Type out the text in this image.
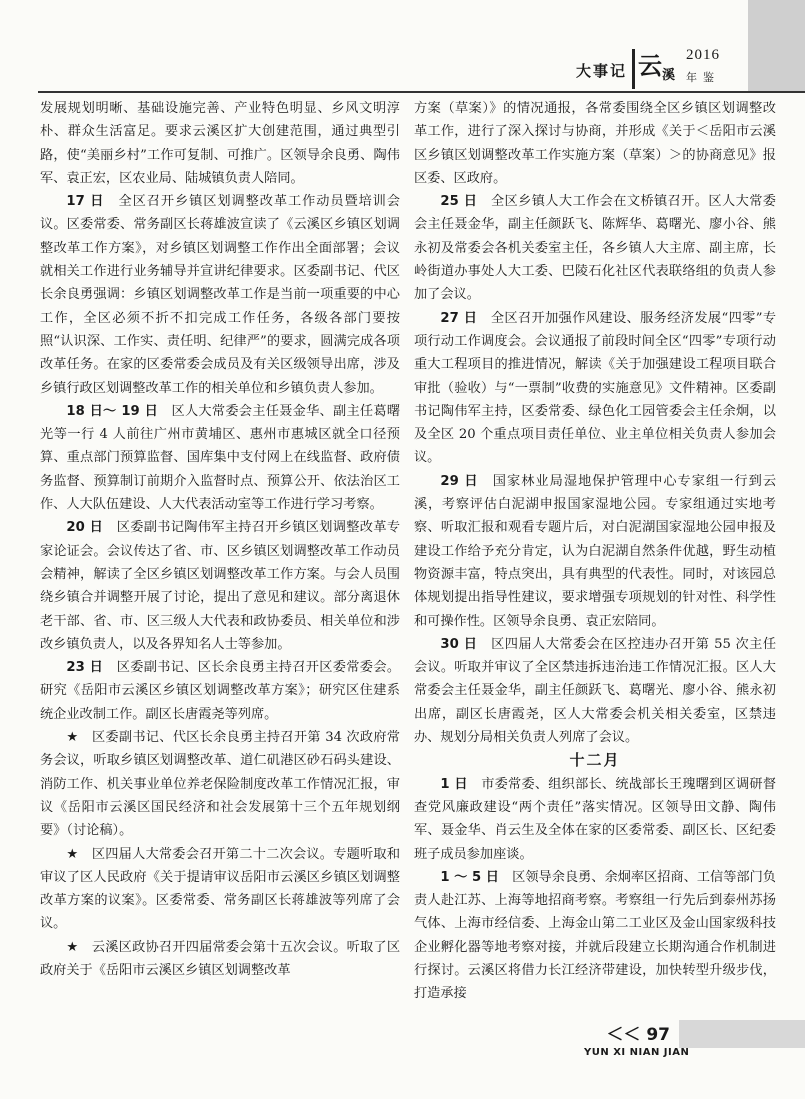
大事记 云 溪
2016
年鉴

发展规划明晰、基础设施完善、产业特色明显、乡风文明淳朴、群众生活富足。要求云溪区扩大创建范围，通过典型引路，使“美丽乡村”工作可复制、可推广。区领导余良勇、陶伟军、袁正宏，区农业局、陆城镇负责人陪同。

17 日　 全区召开乡镇区划调整改革工作动员暨培训会议。区委常委、常务副区长蒋雄波宣读了《云溪区乡镇区划调整改革工作方案》，对乡镇区划调整工作作出全面部署；会议就相关工作进行业务辅导并宣讲纪律要求。区委副书记、代区长余良勇强调：乡镇区划调整改革工作是当前一项重要的中心工作，全区必须不折不扣完成工作任务，各级各部门要按照“认识深、工作实、责任明、纪律严”的要求，圆满完成各项改革任务。在家的区委常委会成员及有关区级领导出席，涉及乡镇行政区划调整改革工作的相关单位和乡镇负责人参加。

18 日～ 19 日　 区人大常委会主任聂金华、副主任葛曙光等一行 4 人前往广州市黄埔区、惠州市惠城区就全口径预算、重点部门预算监督、国库集中支付网上在线监督、政府债务监督、预算制订前期介入监督时点、预算公开、依法治区工作、人大队伍建设、人大代表活动室等工作进行学习考察。

20 日　 区委副书记陶伟军主持召开乡镇区划调整改革专家论证会。会议传达了省、市、区乡镇区划调整改革工作动员会精神，解读了全区乡镇区划调整改革工作方案。与会人员围绕乡镇合并调整开展了讨论，提出了意见和建议。部分离退休老干部、省、市、区三级人大代表和政协委员、相关单位和涉改乡镇负责人，以及各界知名人士等参加。

23 日　 区委副书记、区长余良勇主持召开区委常委会。研究《岳阳市云溪区乡镇区划调整改革方案》；研究区住建系统企业改制工作。副区长唐霞尧等列席。

★　 区委副书记、代区长余良勇主持召开第 34 次政府常务会议，听取乡镇区划调整改革、道仁矶港区砂石码头建设、消防工作、机关事业单位养老保险制度改革工作情况汇报，审议《岳阳市云溪区国民经济和社会发展第十三个五年规划纲要》（讨论稿）。

★　 区四届人大常委会召开第二十二次会议。专题听取和审议了区人民政府《关于提请审议岳阳市云溪区乡镇区划调整改革方案的议案》。区委常委、常务副区长蒋雄波等列席了会议。

★　 云溪区政协召开四届常委会第十五次会议。听取了区政府关于《岳阳市云溪区乡镇区划调整改革

方案（草案）》的情况通报，各常委围绕全区乡镇区划调整改革工作，进行了深入探讨与协商，并形成《关于＜岳阳市云溪区乡镇区划调整改革工作实施方案（草案）＞的协商意见》报区委、区政府。

25 日　 全区乡镇人大工作会在文桥镇召开。区人大常委会主任聂金华，副主任颜跃飞、陈辉华、葛曙光、廖小谷、熊永初及常委会各机关委室主任，各乡镇人大主席、副主席，长岭街道办事处人大工委、巴陵石化社区代表联络组的负责人参加了会议。

27 日　 全区召开加强作风建设、服务经济发展“四零”专项行动工作调度会。会议通报了前段时间全区“四零”专项行动重大工程项目的推进情况，解读《关于加强建设工程项目联合审批（验收）与“一票制”收费的实施意见》文件精神。区委副书记陶伟军主持，区委常委、绿色化工园管委会主任余炯，以及全区 20 个重点项目责任单位、业主单位相关负责人参加会议。

29 日　 国家林业局湿地保护管理中心专家组一行到云溪，考察评估白泥湖申报国家湿地公园。专家组通过实地考察、听取汇报和观看专题片后，对白泥湖国家湿地公园申报及建设工作给予充分肯定，认为白泥湖自然条件优越，野生动植物资源丰富，特点突出，具有典型的代表性。同时，对该园总体规划提出指导性建议，要求增强专项规划的针对性、科学性和可操作性。区领导余良勇、袁正宏陪同。

30 日　 区四届人大常委会在区控违办召开第 55 次主任会议。听取并审议了全区禁违拆违治违工作情况汇报。区人大常委会主任聂金华，副主任颜跃飞、葛曙光、廖小谷、熊永初出席，副区长唐霞尧，区人大常委会机关相关委室，区禁违办、规划分局相关负责人列席了会议。

十二月

1 日　 市委常委、组织部长、统战部长王瑰曙到区调研督查党风廉政建设“两个责任”落实情况。区领导田文静、陶伟军、聂金华、肖云生及全体在家的区委常委、副区长、区纪委班子成员参加座谈。

1 ～ 5 日　 区领导余良勇、余炯率区招商、工信等部门负责人赴江苏、上海等地招商考察。考察组一行先后到泰州苏扬气体、上海市经信委、上海金山第二工业区及金山国家级科技企业孵化器等地考察对接，并就后段建立长期沟通合作机制进行探讨。云溪区将借力长江经济带建设，加快转型升级步伐，打造承接

＜＜ 97
YUN XI NIAN JIAN
